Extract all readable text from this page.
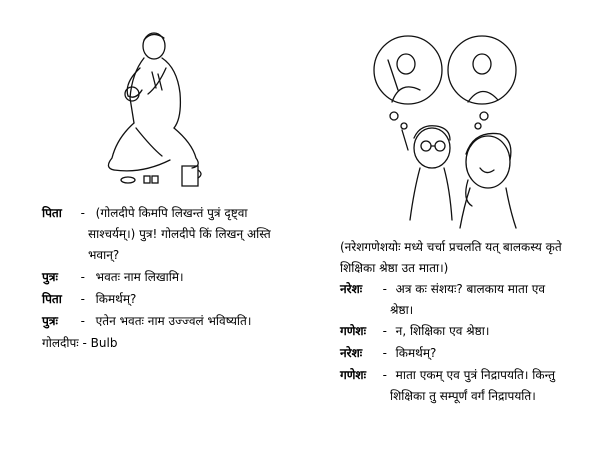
पिता - (गोलदीपे किमपि लिखन्तं पुत्रं दृष्ट्वा
साश्चर्यम्।) पुत्र! गोलदीपे किं लिखन् अस्ति
भवान्?
पुत्रः - भवतः नाम लिखामि।
पिता - किमर्थम्?
पुत्रः - एतेन भवतः नाम उज्ज्वलं भविष्यति।
गोलदीपः - Bulb
(नरेशगणेशयोः मध्ये चर्चा प्रचलति यत् बालकस्य कृते
शिक्षिका श्रेष्ठा उत माता।)
नरेशः - अत्र कः संशयः? बालकाय माता एव
श्रेष्ठा।
गणेशः - न, शिक्षिका एव श्रेष्ठा।
नरेशः - किमर्थम्?
गणेशः - माता एकम् एव पुत्रं निद्रापयति। किन्तु
शिक्षिका तु सम्पूर्णं वर्गं निद्रापयति।
